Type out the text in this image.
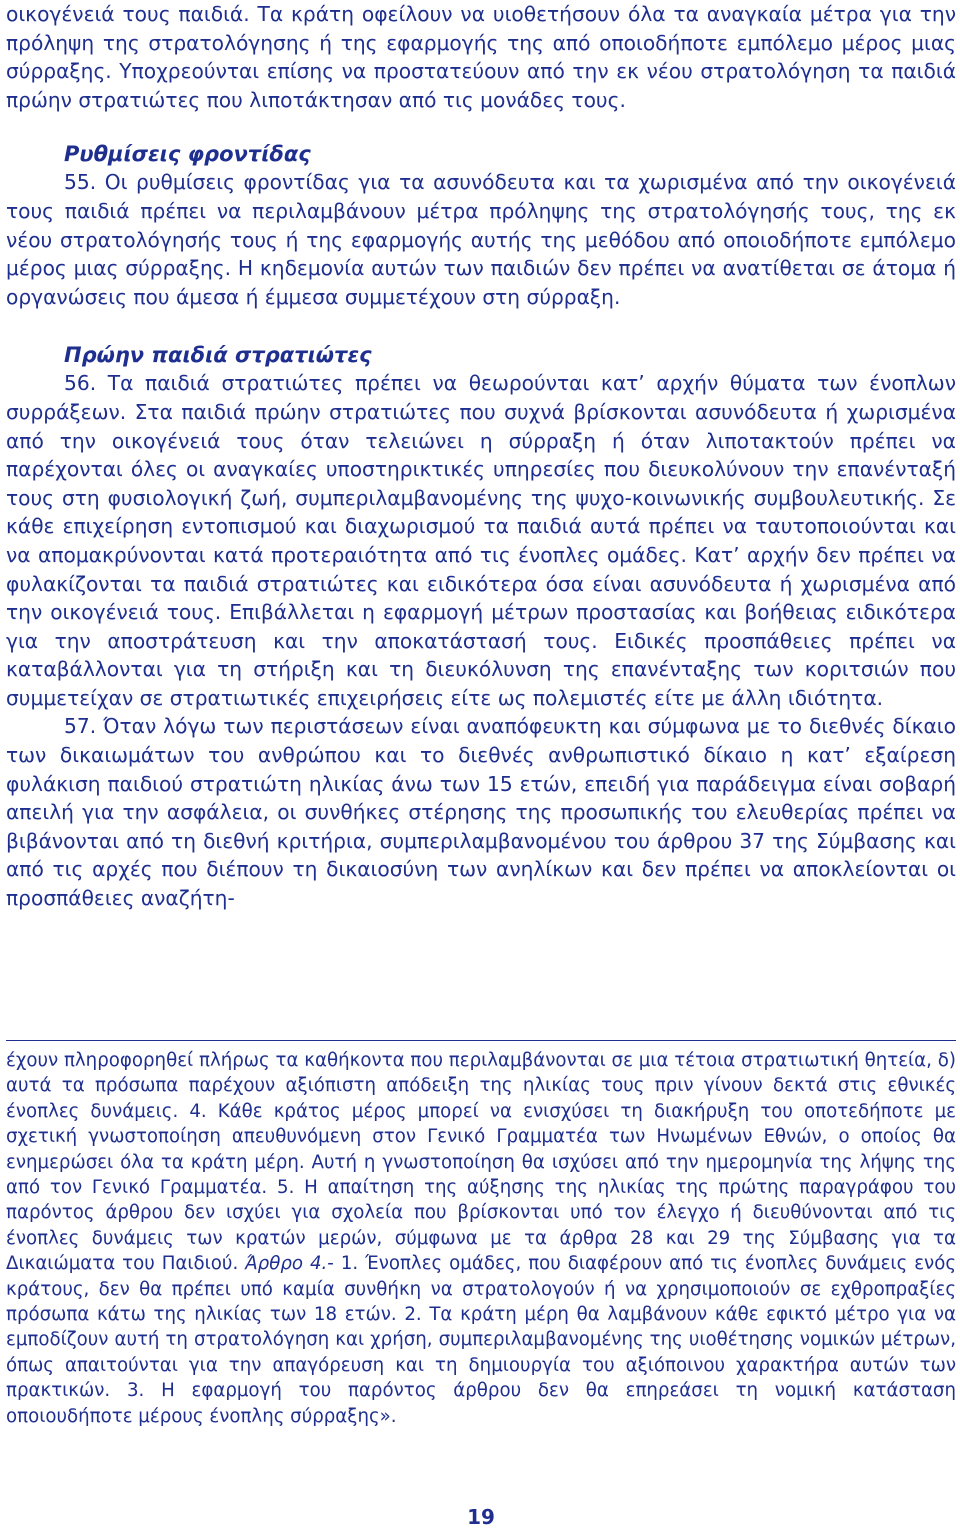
οικογένειά τους παιδιά. Τα κράτη οφείλουν να υιοθετήσουν όλα τα αναγκαία μέτρα για την πρόληψη της στρατολόγησης ή της εφαρμογής της από οποιοδήποτε εμπόλεμο μέρος μιας σύρραξης. Υποχρεούνται επίσης να προστατεύουν από την εκ νέου στρατολόγηση τα παιδιά πρώην στρατιώτες που λιποτάκτησαν από τις μονάδες τους.

Ρυθμίσεις φροντίδας

55. Οι ρυθμίσεις φροντίδας για τα ασυνόδευτα και τα χωρισμένα από την οικογένειά τους παιδιά πρέπει να περιλαμβάνουν μέτρα πρόληψης της στρατολόγησής τους, της εκ νέου στρατολόγησής τους ή της εφαρμογής αυτής της μεθόδου από οποιοδήποτε εμπόλεμο μέρος μιας σύρραξης. Η κηδεμονία αυτών των παιδιών δεν πρέπει να ανατίθεται σε άτομα ή οργανώσεις που άμεσα ή έμμεσα συμμετέχουν στη σύρραξη.

Πρώην παιδιά στρατιώτες

56. Τα παιδιά στρατιώτες πρέπει να θεωρούνται κατ’ αρχήν θύματα των ένοπλων συρράξεων. Στα παιδιά πρώην στρατιώτες που συχνά βρίσκονται ασυνόδευτα ή χωρισμένα από την οικογένειά τους όταν τελειώνει η σύρραξη ή όταν λιποτακτούν πρέπει να παρέχονται όλες οι αναγκαίες υποστηρικτικές υπηρεσίες που διευκολύνουν την επανένταξή τους στη φυσιολογική ζωή, συμπεριλαμβανομένης της ψυχο-κοινωνικής συμβουλευτικής. Σε κάθε επιχείρηση εντοπισμού και διαχωρισμού τα παιδιά αυτά πρέπει να ταυτοποιούνται και να απομακρύνονται κατά προτεραιότητα από τις ένοπλες ομάδες. Κατ’ αρχήν δεν πρέπει να φυλακίζονται τα παιδιά στρατιώτες και ειδικότερα όσα είναι ασυνόδευτα ή χωρισμένα από την οικογένειά τους. Επιβάλλεται η εφαρμογή μέτρων προστασίας και βοήθειας ειδικότερα για την αποστράτευση και την αποκατάστασή τους. Ειδικές προσπάθειες πρέπει να καταβάλλονται για τη στήριξη και τη διευκόλυνση της επανένταξης των κοριτσιών που συμμετείχαν σε στρατιωτικές επιχειρήσεις είτε ως πολεμιστές είτε με άλλη ιδιότητα.

57. Όταν λόγω των περιστάσεων είναι αναπόφευκτη και σύμφωνα με το διεθνές δίκαιο των δικαιωμάτων του ανθρώπου και το διεθνές ανθρωπιστικό δίκαιο η κατ’ εξαίρεση φυλάκιση παιδιού στρατιώτη ηλικίας άνω των 15 ετών, επειδή για παράδειγμα είναι σοβαρή απειλή για την ασφάλεια, οι συνθήκες στέρησης της προσωπικής του ελευθερίας πρέπει να βιβάνονται από τη διεθνή κριτήρια, συμπεριλαμβανομένου του άρθρου 37 της Σύμβασης και από τις αρχές που διέπουν τη δικαιοσύνη των ανηλίκων και δεν πρέπει να αποκλείονται οι προσπάθειες αναζήτη-

έχουν πληροφορηθεί πλήρως τα καθήκοντα που περιλαμβάνονται σε μια τέτοια στρατιωτική θητεία, δ) αυτά τα πρόσωπα παρέχουν αξιόπιστη απόδειξη της ηλικίας τους πριν γίνουν δεκτά στις εθνικές ένοπλες δυνάμεις. 4. Κάθε κράτος μέρος μπορεί να ενισχύσει τη διακήρυξη του οποτεδήποτε με σχετική γνωστοποίηση απευθυνόμενη στον Γενικό Γραμματέα των Ηνωμένων Εθνών, ο οποίος θα ενημερώσει όλα τα κράτη μέρη. Αυτή η γνωστοποίηση θα ισχύσει από την ημερομηνία της λήψης της από τον Γενικό Γραμματέα. 5. Η απαίτηση της αύξησης της ηλικίας της πρώτης παραγράφου του παρόντος άρθρου δεν ισχύει για σχολεία που βρίσκονται υπό τον έλεγχο ή διευθύνονται από τις ένοπλες δυνάμεις των κρατών μερών, σύμφωνα με τα άρθρα 28 και 29 της Σύμβασης για τα Δικαιώματα του Παιδιού. Άρθρο 4.- 1. Ένοπλες ομάδες, που διαφέρουν από τις ένοπλες δυνάμεις ενός κράτους, δεν θα πρέπει υπό καμία συνθήκη να στρατολογούν ή να χρησιμοποιούν σε εχθροπραξίες πρόσωπα κάτω της ηλικίας των 18 ετών. 2. Τα κράτη μέρη θα λαμβάνουν κάθε εφικτό μέτρο για να εμποδίζουν αυτή τη στρατολόγηση και χρήση, συμπεριλαμβανομένης της υιοθέτησης νομικών μέτρων, όπως απαιτούνται για την απαγόρευση και τη δημιουργία του αξιόποινου χαρακτήρα αυτών των πρακτικών. 3. Η εφαρμογή του παρόντος άρθρου δεν θα επηρεάσει τη νομική κατάσταση οποιουδήποτε μέρους ένοπλης σύρραξης».

19
